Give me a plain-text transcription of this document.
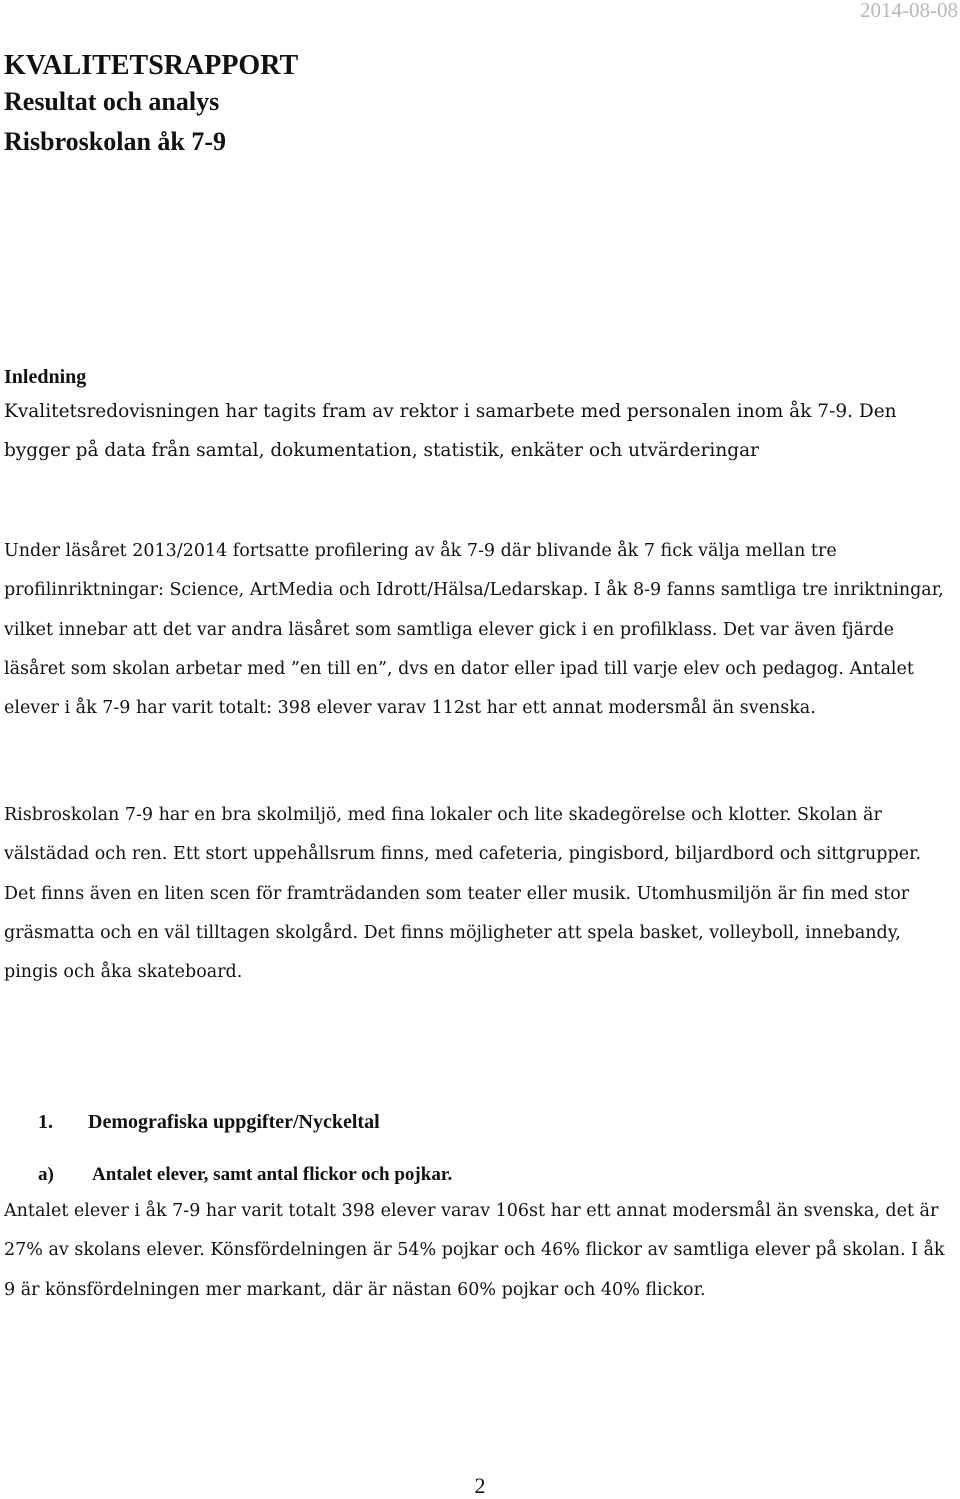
2014-08-08

KVALITETSRAPPORT
Resultat och analys
Risbroskolan åk 7-9
Inledning

Kvalitetsredovisningen har tagits fram av rektor i samarbete med personalen inom åk 7-9. Den bygger på data från samtal, dokumentation, statistik, enkäter och utvärderingar

Under läsåret 2013/2014 fortsatte profilering av åk 7-9 där blivande åk 7 fick välja mellan tre profilinriktningar: Science, ArtMedia och Idrott/Hälsa/Ledarskap. I åk 8-9 fanns samtliga tre inriktningar, vilket innebar att det var andra läsåret som samtliga elever gick i en profilklass. Det var även fjärde läsåret som skolan arbetar med ”en till en”, dvs en dator eller ipad till varje elev och pedagog. Antalet elever i åk 7-9 har varit totalt: 398 elever varav 112st har ett annat modersmål än svenska.

Risbroskolan 7-9 har en bra skolmiljö, med fina lokaler och lite skadegörelse och klotter. Skolan är välstädad och ren. Ett stort uppehållsrum finns, med cafeteria, pingisbord, biljardbord och sittgrupper. Det finns även en liten scen för framträdanden som teater eller musik. Utomhusmiljön är fin med stor gräsmatta och en väl tilltagen skolgård. Det finns möjligheter att spela basket, volleyboll, innebandy, pingis och åka skateboard.

1. Demografiska uppgifter/Nyckeltal
a) Antalet elever, samt antal flickor och pojkar.

Antalet elever i åk 7-9 har varit totalt 398 elever varav 106st har ett annat modersmål än svenska, det är 27% av skolans elever. Könsfördelningen är 54% pojkar och 46% flickor av samtliga elever på skolan. I åk 9 är könsfördelningen mer markant, där är nästan 60% pojkar och 40% flickor.

2
